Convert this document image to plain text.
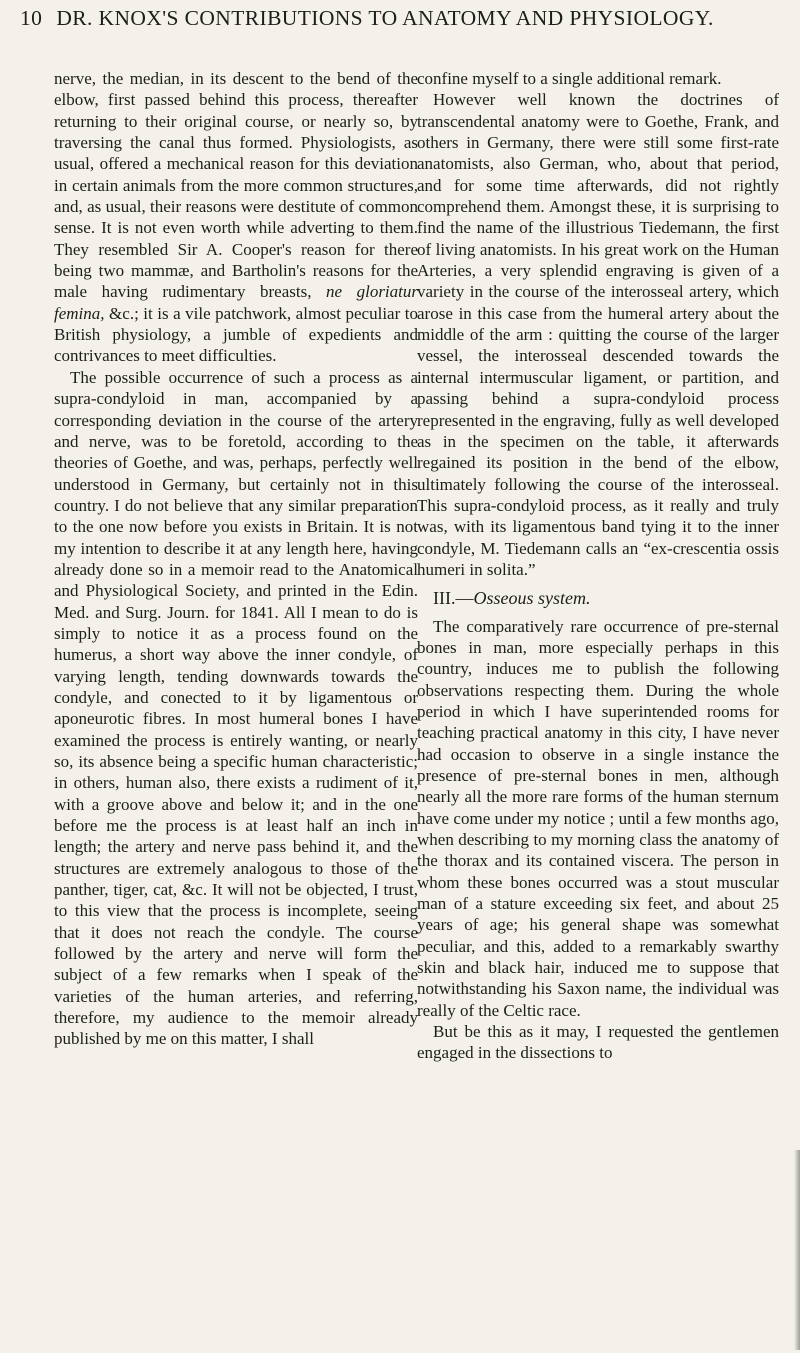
10 DR. KNOX'S CONTRIBUTIONS TO ANATOMY AND PHYSIOLOGY.

nerve, the median, in its descent to the bend of the elbow, first passed behind this process, thereafter returning to their original course, or nearly so, by traversing the canal thus formed. Physiologists, as usual, offered a mechanical reason for this deviation in certain animals from the more common structures, and, as usual, their reasons were destitute of common sense. It is not even worth while adverting to them. They resembled Sir A. Cooper's reason for there being two mammæ, and Bartholin's reasons for the male having rudimentary breasts, ne gloriatur femina, &c.; it is a vile patchwork, almost peculiar to British physiology, a jumble of expedients and contrivances to meet difficulties.

The possible occurrence of such a process as a supra-condyloid in man, accompanied by a corresponding deviation in the course of the artery and nerve, was to be foretold, according to the theories of Goethe, and was, perhaps, perfectly well understood in Germany, but certainly not in this country. I do not believe that any similar preparation to the one now before you exists in Britain. It is not my intention to describe it at any length here, having already done so in a memoir read to the Anatomical and Physiological Society, and printed in the Edin. Med. and Surg. Journ. for 1841. All I mean to do is simply to notice it as a process found on the humerus, a short way above the inner condyle, of varying length, tending downwards towards the condyle, and conected to it by ligamentous or aponeurotic fibres. In most humeral bones I have examined the process is entirely wanting, or nearly so, its absence being a specific human characteristic; in others, human also, there exists a rudiment of it, with a groove above and below it; and in the one before me the process is at least half an inch in length; the artery and nerve pass behind it, and the structures are extremely analogous to those of the panther, tiger, cat, &c. It will not be objected, I trust, to this view that the process is incomplete, seeing that it does not reach the condyle. The course followed by the artery and nerve will form the subject of a few remarks when I speak of the varieties of the human arteries, and referring, therefore, my audience to the memoir already published by me on this matter, I shall

confine myself to a single additional remark.

However well known the doctrines of transcendental anatomy were to Goethe, Frank, and others in Germany, there were still some first-rate anatomists, also German, who, about that period, and for some time afterwards, did not rightly comprehend them. Amongst these, it is surprising to find the name of the illustrious Tiedemann, the first of living anatomists. In his great work on the Human Arteries, a very splendid engraving is given of a variety in the course of the interosseal artery, which arose in this case from the humeral artery about the middle of the arm : quitting the course of the larger vessel, the interosseal descended towards the internal intermuscular ligament, or partition, and passing behind a supra-condyloid process represented in the engraving, fully as well developed as in the specimen on the table, it afterwards regained its position in the bend of the elbow, ultimately following the course of the interosseal. This supra-condyloid process, as it really and truly was, with its ligamentous band tying it to the inner condyle, M. Tiedemann calls an “ex-crescentia ossis humeri in solita.”

III.—Osseous system.

The comparatively rare occurrence of pre-sternal bones in man, more especially perhaps in this country, induces me to publish the following observations respecting them. During the whole period in which I have superintended rooms for teaching practical anatomy in this city, I have never had occasion to observe in a single instance the presence of pre-sternal bones in men, although nearly all the more rare forms of the human sternum have come under my notice ; until a few months ago, when describing to my morning class the anatomy of the thorax and its contained viscera. The person in whom these bones occurred was a stout muscular man of a stature exceeding six feet, and about 25 years of age; his general shape was somewhat peculiar, and this, added to a remarkably swarthy skin and black hair, induced me to suppose that notwithstanding his Saxon name, the individual was really of the Celtic race.

But be this as it may, I requested the gentlemen engaged in the dissections to
